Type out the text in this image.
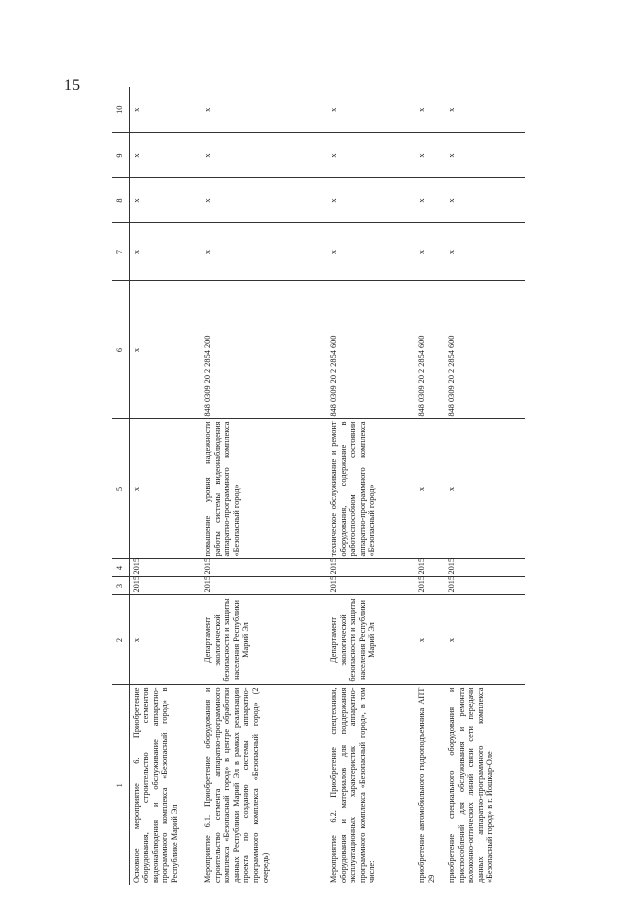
15
1	2	3	4	5	6	7	8	9	10
Основное мероприятие 6. Приобретение оборудования, строительство сегментов видеонаблюдения и обслуживание аппаратно-программного комплекса «Безопасный город» в Республике Марий Эл	х	2015	2015	х	х	х	х	х	х
Мероприятие 6.1. Приобретение оборудования и строительство сегмента аппаратно-программного комплекса «Безопасный город» в центре обработки данных Республики Марий Эл в рамках реализации проекта по созданию системы аппаратно-программного комплекса «Безопасный город» (2 очередь)	Департамент экологической безопасности и защиты населения Республики Марий Эл	2015	2015	повышение уровня надежности работы системы видеонаблюдения аппаратно-программного комплекса «Безопасный город»	848 0309 20 2 2854 200	х	х	х	х
Мероприятие 6.2. Приобретение спецтехники, оборудования и материалов для поддержания эксплуатационных характеристик аппаратно-программного комплекса «Безопасный город», в том числе:	Департамент экологической безопасности и защиты населения Республики Марий Эл	2015	2015	техническое обслуживание и ремонт оборудования, содержание в работоспособном состоянии аппаратно-программного комплекса «Безопасный город»	848 0309 20 2 2854 600	х	х	х	х
приобретение автомобильного гидроподъемника АПТ 29	х	2015	2015	х	848 0309 20 2 2854 600	х	х	х	х
приобретение специального оборудования и приспособлений для обслуживания и ремонта волоконно-оптических линий связи сети передачи данных аппаратно-программного комплекса «Безопасный город» в г. Йошкар-Оле	х	2015	2015	х	848 0309 20 2 2854 600	х	х	х	х
